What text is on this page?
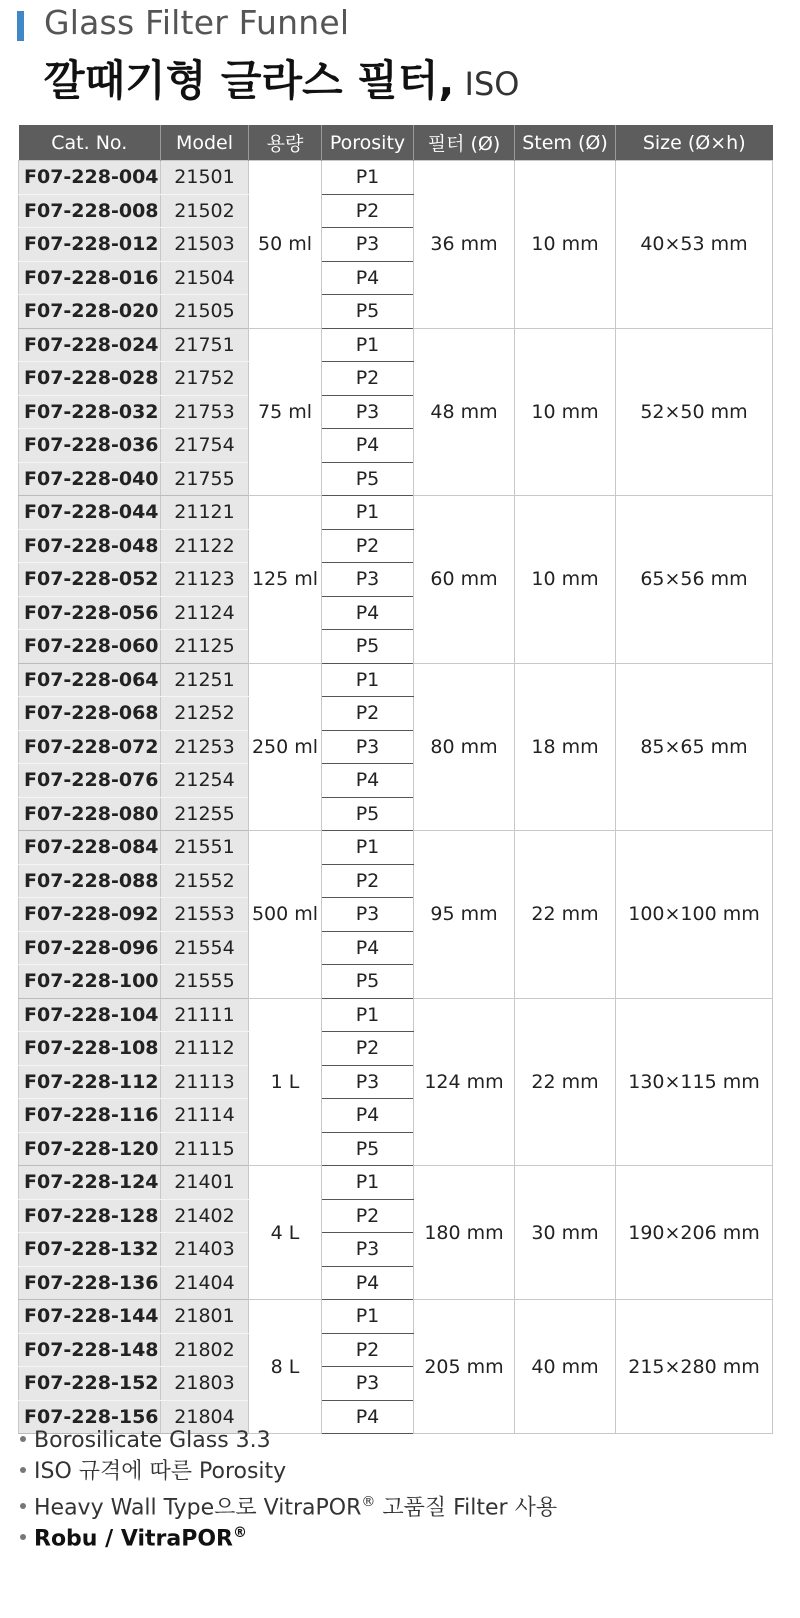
Glass Filter Funnel
깔때기형 글라스 필터, ISO
Cat. No.	Model	용량	Porosity	필터 (Ø)	Stem (Ø)	Size (Ø×h)
F07-228-004	21501	50 ml	P1	36 mm	10 mm	40×53 mm
F07-228-008	21502		P2			
F07-228-012	21503		P3			
F07-228-016	21504		P4			
F07-228-020	21505		P5			
F07-228-024	21751	75 ml	P1	48 mm	10 mm	52×50 mm
F07-228-028	21752		P2			
F07-228-032	21753		P3			
F07-228-036	21754		P4			
F07-228-040	21755		P5			
F07-228-044	21121	125 ml	P1	60 mm	10 mm	65×56 mm
F07-228-048	21122		P2			
F07-228-052	21123		P3			
F07-228-056	21124		P4			
F07-228-060	21125		P5			
F07-228-064	21251	250 ml	P1	80 mm	18 mm	85×65 mm
F07-228-068	21252		P2			
F07-228-072	21253		P3			
F07-228-076	21254		P4			
F07-228-080	21255		P5			
F07-228-084	21551	500 ml	P1	95 mm	22 mm	100×100 mm
F07-228-088	21552		P2			
F07-228-092	21553		P3			
F07-228-096	21554		P4			
F07-228-100	21555		P5			
F07-228-104	21111	1 L	P1	124 mm	22 mm	130×115 mm
F07-228-108	21112		P2			
F07-228-112	21113		P3			
F07-228-116	21114		P4			
F07-228-120	21115		P5			
F07-228-124	21401	4 L	P1	180 mm	30 mm	190×206 mm
F07-228-128	21402		P2			
F07-228-132	21403		P3			
F07-228-136	21404		P4			
F07-228-144	21801	8 L	P1	205 mm	40 mm	215×280 mm
F07-228-148	21802		P2			
F07-228-152	21803		P3			
F07-228-156	21804		P4			
Borosilicate Glass 3.3
ISO 규격에 따른 Porosity
Heavy Wall Type으로 VitraPOR® 고품질 Filter 사용
Robu / VitraPOR®
